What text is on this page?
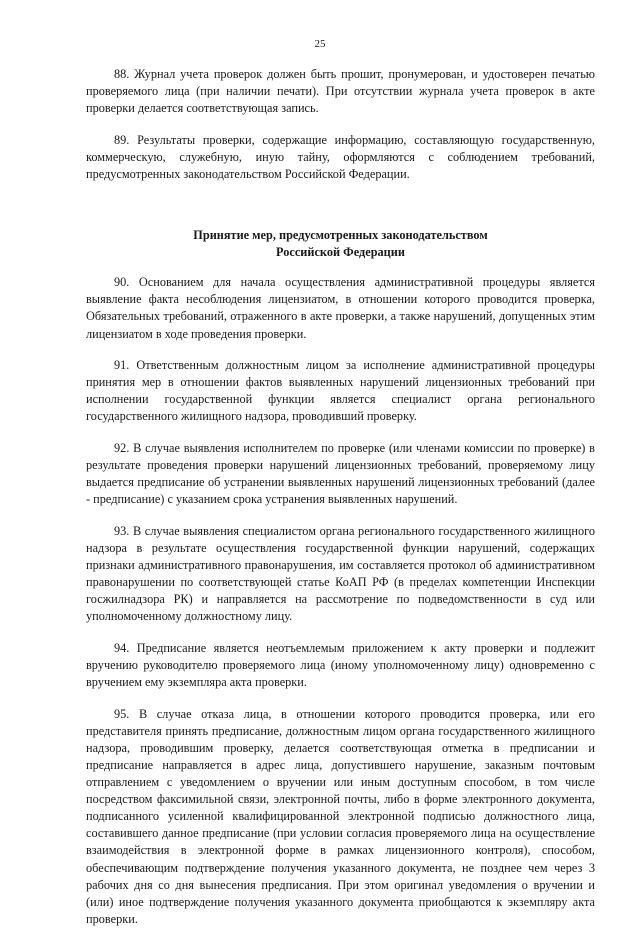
25

88. Журнал учета проверок должен быть прошит, пронумерован, и удостоверен печатью проверяемого лица (при наличии печати). При отсутствии журнала учета проверок в акте проверки делается соответствующая запись.

89. Результаты проверки, содержащие информацию, составляющую государственную, коммерческую, служебную, иную тайну, оформляются с соблюдением требований, предусмотренных законодательством Российской Федерации.

Принятие мер, предусмотренных законодательством
Российской Федерации

90. Основанием для начала осуществления административной процедуры является выявление факта несоблюдения лицензиатом, в отношении которого проводится проверка, Обязательных требований, отраженного в акте проверки, а также нарушений, допущенных этим лицензиатом в ходе проведения проверки.

91. Ответственным должностным лицом за исполнение административной процедуры принятия мер в отношении фактов выявленных нарушений лицензионных требований при исполнении государственной функции является специалист органа регионального государственного жилищного надзора, проводивший проверку.

92. В случае выявления исполнителем по проверке (или членами комиссии по проверке) в результате проведения проверки нарушений лицензионных требований, проверяемому лицу выдается предписание об устранении выявленных нарушений лицензионных требований (далее - предписание) с указанием срока устранения выявленных нарушений.

93. В случае выявления специалистом органа регионального государственного жилищного надзора в результате осуществления государственной функции нарушений, содержащих признаки административного правонарушения, им составляется протокол об административном правонарушении по соответствующей статье КоАП РФ (в пределах компетенции Инспекции госжилнадзора РК) и направляется на рассмотрение по подведомственности в суд или уполномоченному должностному лицу.

94. Предписание является неотъемлемым приложением к акту проверки и подлежит вручению руководителю проверяемого лица (иному уполномоченному лицу) одновременно с вручением ему экземпляра акта проверки.

95. В случае отказа лица, в отношении которого проводится проверка, или его представителя принять предписание, должностным лицом органа государственного жилищного надзора, проводившим проверку, делается соответствующая отметка в предписании и предписание направляется в адрес лица, допустившего нарушение, заказным почтовым отправлением с уведомлением о вручении или иным доступным способом, в том числе посредством факсимильной связи, электронной почты, либо в форме электронного документа, подписанного усиленной квалифицированной электронной подписью должностного лица, составившего данное предписание (при условии согласия проверяемого лица на осуществление взаимодействия в электронной форме в рамках лицензионного контроля), способом, обеспечивающим подтверждение получения указанного документа, не позднее чем через 3 рабочих дня со дня вынесения предписания. При этом оригинал уведомления о вручении и (или) иное подтверждение получения указанного документа приобщаются к экземпляру акта проверки.
